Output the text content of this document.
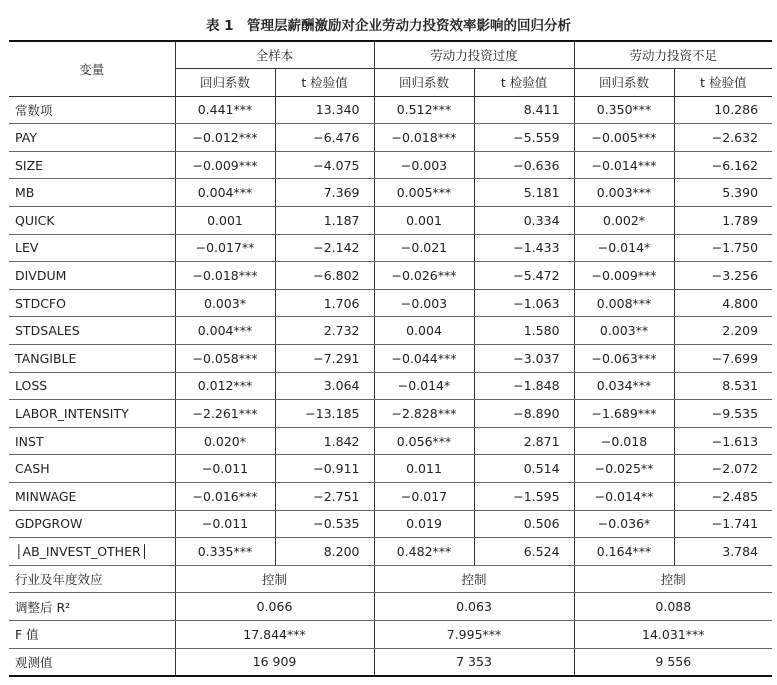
表 1　管理层薪酬激励对企业劳动力投资效率影响的回归分析
变量	全样本		劳动力投资过度		劳动力投资不足	
	回归系数	t 检验值	回归系数	t 检验值	回归系数	t 检验值
常数项	0.441***	13.340	0.512***	8.411	0.350***	10.286
PAY	−0.012***	−6.476	−0.018***	−5.559	−0.005***	−2.632
SIZE	−0.009***	−4.075	−0.003	−0.636	−0.014***	−6.162
MB	0.004***	7.369	0.005***	5.181	0.003***	5.390
QUICK	0.001	1.187	0.001	0.334	0.002*	1.789
LEV	−0.017**	−2.142	−0.021	−1.433	−0.014*	−1.750
DIVDUM	−0.018***	−6.802	−0.026***	−5.472	−0.009***	−3.256
STDCFO	0.003*	1.706	−0.003	−1.063	0.008***	4.800
STDSALES	0.004***	2.732	0.004	1.580	0.003**	2.209
TANGIBLE	−0.058***	−7.291	−0.044***	−3.037	−0.063***	−7.699
LOSS	0.012***	3.064	−0.014*	−1.848	0.034***	8.531
LABOR_INTENSITY	−2.261***	−13.185	−2.828***	−8.890	−1.689***	−9.535
INST	0.020*	1.842	0.056***	2.871	−0.018	−1.613
CASH	−0.011	−0.911	0.011	0.514	−0.025**	−2.072
MINWAGE	−0.016***	−2.751	−0.017	−1.595	−0.014**	−2.485
GDPGROW	−0.011	−0.535	0.019	0.506	−0.036*	−1.741
│AB_INVEST_OTHER│	0.335***	8.200	0.482***	6.524	0.164***	3.784
行业及年度效应	控制		控制		控制	
调整后 R²	0.066		0.063		0.088	
F 值	17.844***		7.995***		14.031***	
观测值	16 909		7 353		9 556	
